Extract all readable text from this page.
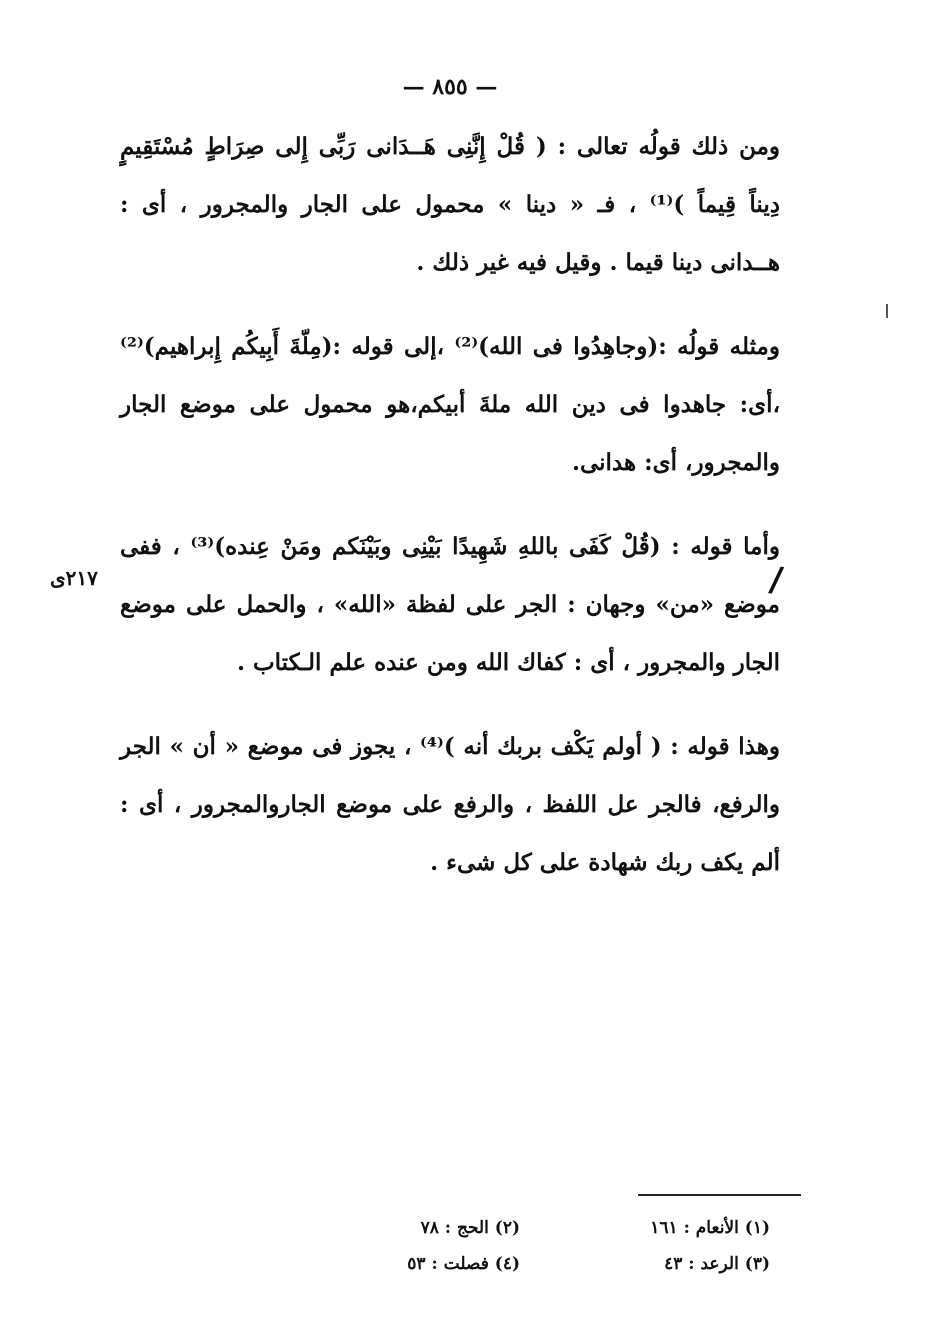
— ٨٥٥ —

ومن ذلك قولُه تعالى : ( قُلْ إِنَّنِى هَــدَانى رَبِّى إِلى صِرَاطٍ مُسْتَقِيمٍ دِيناً قِيماً )⁽¹⁾ ، فـ « دينا » محمول على الجار والمجرور ، أى : هــدانى دينا قيما . وقيل فيه غير ذلك .

ومثله قولُه :(وجاهِدُوا فى الله)⁽²⁾ ،إلى قوله :(مِلّةَ أَبِيكُم إِبراهيم)⁽²⁾ ،أى: جاهدوا فى دين الله ملةَ أبيكم،هو محمول على موضع الجار والمجرور، أى: هدانى.

وأما قوله : (قُلْ كَفَى باللهِ شَهِيدًا بَيْنِى وبَيْنَكم ومَنْ عِنده)⁽³⁾ ، ففى موضع «من» وجهان : الجر على لفظة «الله» ، والحمل على موضع الجار والمجرور ، أى : كفاك الله ومن عنده علم الـكتاب .

وهذا قوله : ( أولم يَكْف بربك أنه )⁽⁴⁾ ، يجوز فى موضع « أن » الجر والرفع، فالجر عل اللفظ ، والرفع على موضع الجاروالمجرور ، أى : ألم يكف ربك شهادة على كل شىء .

/
٢١٧ى
(١) الأنعام : ١٦١
(٢) الحج : ٧٨
(٣) الرعد : ٤٣
(٤) فصلت : ٥٣
